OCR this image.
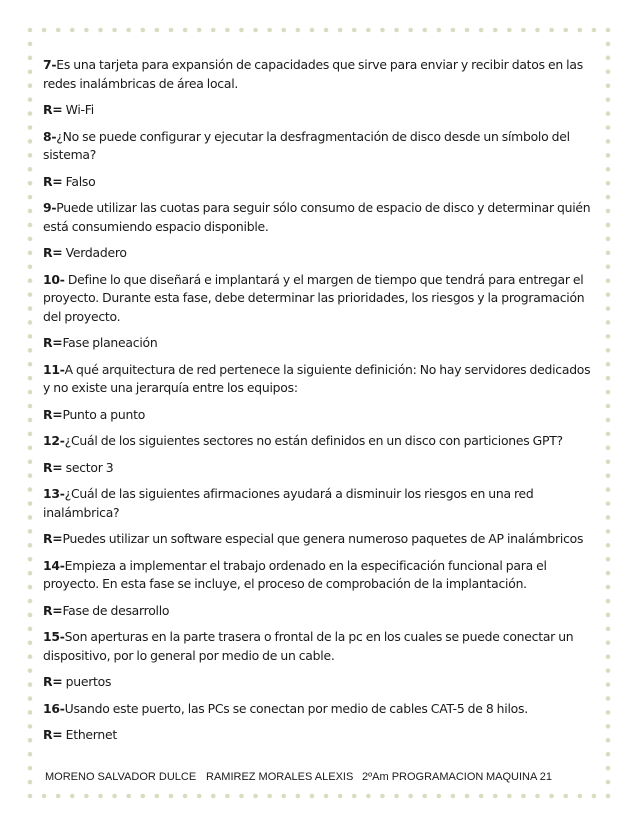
7-Es una tarjeta para expansión de capacidades que sirve para enviar y recibir datos en las redes inalámbricas de área local.

R= Wi-Fi

8-¿No se puede configurar y ejecutar la desfragmentación de disco desde un símbolo del sistema?

R= Falso

9-Puede utilizar las cuotas para seguir sólo consumo de espacio de disco y determinar quién está consumiendo espacio disponible.

R= Verdadero

10- Define lo que diseñará e implantará y el margen de tiempo que tendrá para entregar el proyecto. Durante esta fase, debe determinar las prioridades, los riesgos y la programación del proyecto.

R=Fase planeación

11-A qué arquitectura de red pertenece la siguiente definición: No hay servidores dedicados y no existe una jerarquía entre los equipos:

R=Punto a punto

12-¿Cuál de los siguientes sectores no están definidos en un disco con particiones GPT?

R= sector 3

13-¿Cuál de las siguientes afirmaciones ayudará a disminuir los riesgos en una red inalámbrica?

R=Puedes utilizar un software especial que genera numeroso paquetes de AP inalámbricos

14-Empieza a implementar el trabajo ordenado en la especificación funcional para el proyecto. En esta fase se incluye, el proceso de comprobación de la implantación.

R=Fase de desarrollo

15-Son aperturas en la parte trasera o frontal de la pc en los cuales se puede conectar un dispositivo, por lo general por medio de un cable.

R= puertos

16-Usando este puerto, las PCs se conectan por medio de cables CAT-5 de 8 hilos.

R= Ethernet

MORENO SALVADOR DULCE RAMIREZ MORALES ALEXIS 2ºAm PROGRAMACION MAQUINA 21
